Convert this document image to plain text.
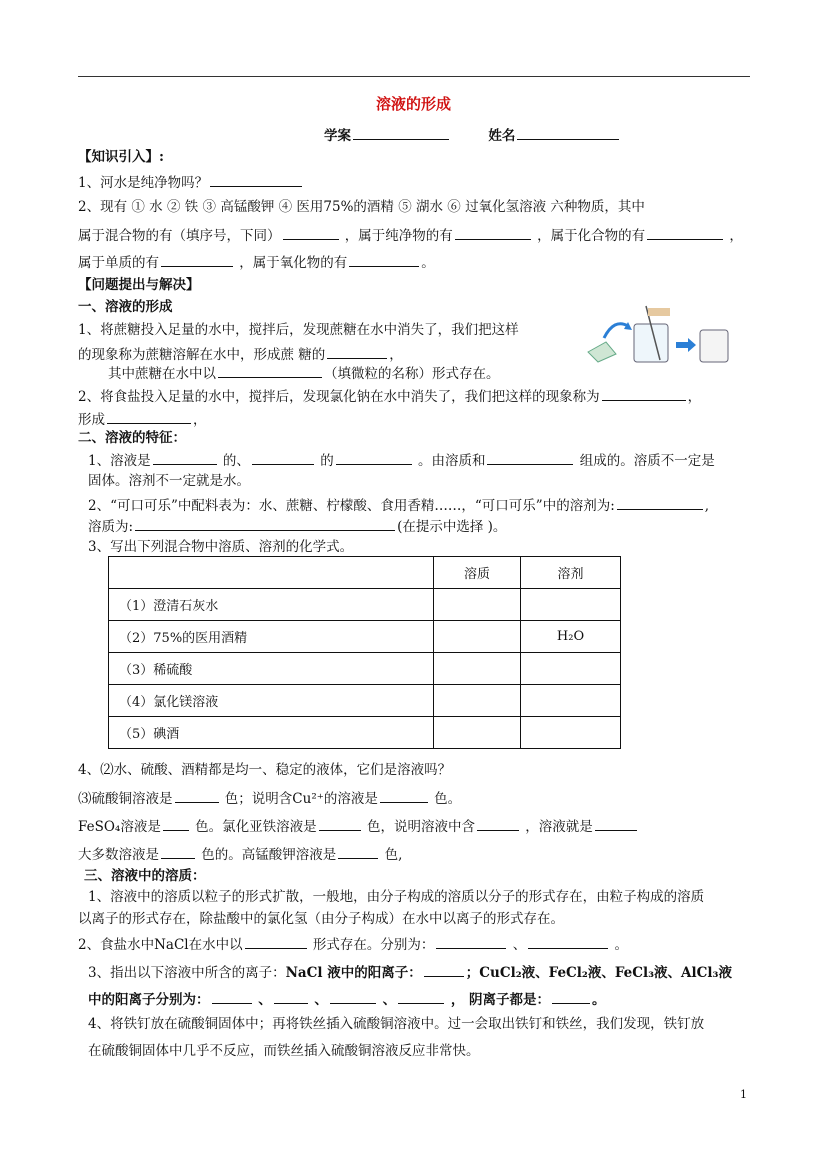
溶液的形成
学案	姓名
【知识引入】:
1、河水是纯净物吗？
2、现有 ① 水 ② 铁 ③ 高锰酸钾 ④ 医用75%的酒精 ⑤ 湖水 ⑥ 过氧化氢溶液 六种物质，其中
属于混合物的有（填序号，下同）	，属于纯净物的有	，属于化合物的有	，
属于单质的有	，属于氧化物的有	。
【问题提出与解决】
一、溶液的形成
1、将蔗糖投入足量的水中，搅拌后，发现蔗糖在水中消失了，我们把这样
的现象称为蔗糖溶解在水中，形成蔗 糖的	，
其中蔗糖在水中以	（填微粒的名称）形式存在。
2、将食盐投入足量的水中，搅拌后，发现氯化钠在水中消失了，我们把这样的现象称为	，
形成	，
二、溶液的特征：
1、溶液是	的、	的	。由溶质和	组成的。溶质不一定是
固体。溶剂不一定就是水。
2、“可口可乐”中配料表为：水、蔗糖、柠檬酸、食用香精……，“可口可乐”中的溶剂为:	,
溶质为:	(在提示中选择 )。
3、写出下列混合物中溶质、溶剂的化学式。
	溶质	溶剂
（1）澄清石灰水		
（2）75%的医用酒精		H₂O
（3）稀硫酸		
（4）氯化镁溶液		
（5）碘酒		
4、⑵水、硫酸、酒精都是均一、稳定的液体，它们是溶液吗？
⑶硫酸铜溶液是	色；说明含Cu²⁺的溶液是	色。
FeSO₄溶液是	色。氯化亚铁溶液是	色，说明溶液中含	，溶液就是
大多数溶液是	色的。高锰酸钾溶液是	色,
三、溶液中的溶质：
1、溶液中的溶质以粒子的形式扩散，一般地，由分子构成的溶质以分子的形式存在，由粒子构成的溶质
以离子的形式存在，除盐酸中的氯化氢（由分子构成）在水中以离子的形式存在。
2、食盐水中NaCl在水中以	形式存在。分别为：	、	。
3、指出以下溶液中所含的离子：NaCl 液中的阳离子：	；CuCl₂液、FeCl₂液、FeCl₃液、AlCl₃液
中的阳离子分别为：	、	、	、	， 阴离子都是：	。
4、将铁钉放在硫酸铜固体中；再将铁丝插入硫酸铜溶液中。过一会取出铁钉和铁丝，我们发现，铁钉放
在硫酸铜固体中几乎不反应，而铁丝插入硫酸铜溶液反应非常快。
1
